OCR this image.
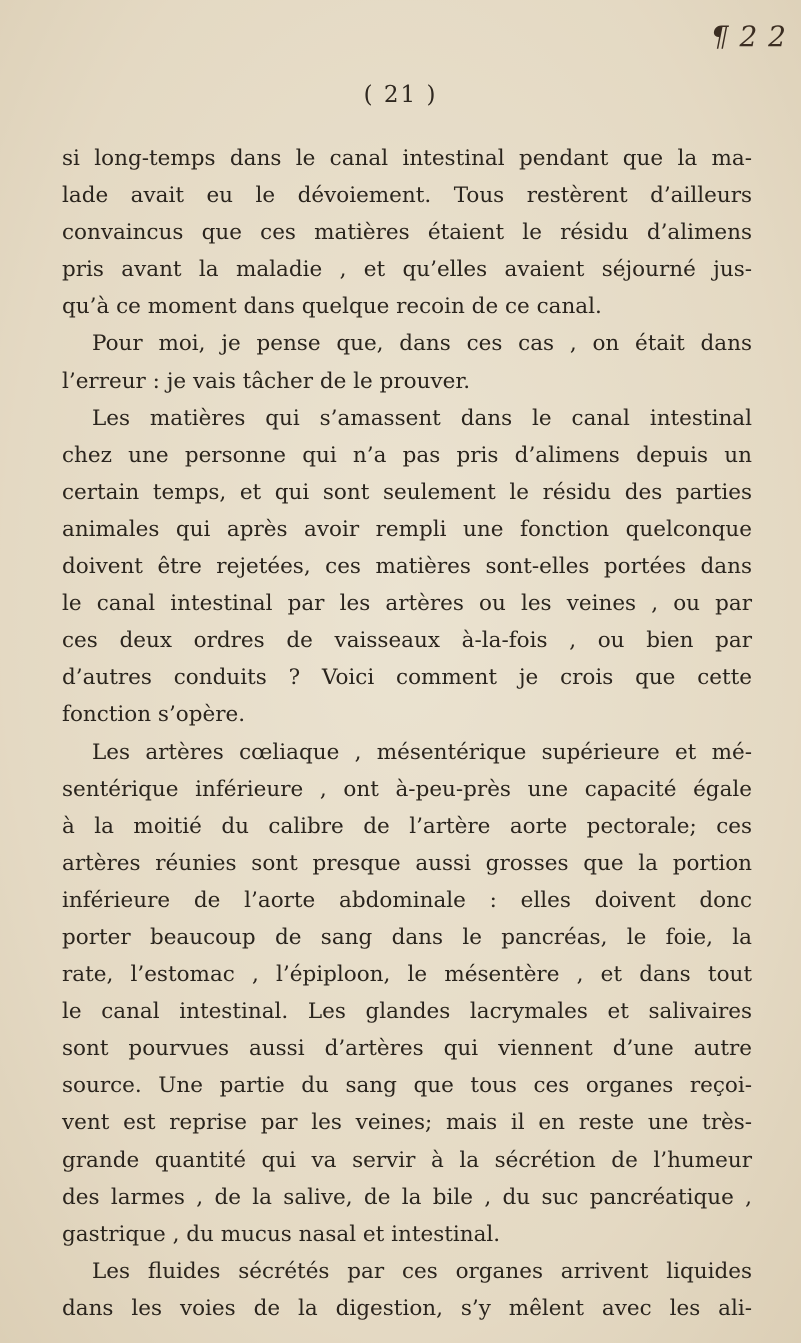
¶ 2 2
( 21 )
si long-temps dans le canal intestinal pendant que la ma-
lade avait eu le dévoiement. Tous restèrent d’ailleurs
convaincus que ces matières étaient le résidu d’alimens
pris avant la maladie , et qu’elles avaient séjourné jus-
qu’à ce moment dans quelque recoin de ce canal.
Pour moi, je pense que, dans ces cas , on était dans
l’erreur : je vais tâcher de le prouver.
Les matières qui s’amassent dans le canal intestinal
chez une personne qui n’a pas pris d’alimens depuis un
certain temps, et qui sont seulement le résidu des parties
animales qui après avoir rempli une fonction quelconque
doivent être rejetées, ces matières sont-elles portées dans
le canal intestinal par les artères ou les veines , ou par
ces deux ordres de vaisseaux à-la-fois , ou bien par
d’autres conduits ? Voici comment je crois que cette
fonction s’opère.
Les artères cœliaque , mésentérique supérieure et mé-
sentérique inférieure , ont à-peu-près une capacité égale
à la moitié du calibre de l’artère aorte pectorale; ces
artères réunies sont presque aussi grosses que la portion
inférieure de l’aorte abdominale : elles doivent donc
porter beaucoup de sang dans le pancréas, le foie, la
rate, l’estomac , l’épiploon, le mésentère , et dans tout
le canal intestinal. Les glandes lacrymales et salivaires
sont pourvues aussi d’artères qui viennent d’une autre
source. Une partie du sang que tous ces organes reçoi-
vent est reprise par les veines; mais il en reste une très-
grande quantité qui va servir à la sécrétion de l’humeur
des larmes , de la salive, de la bile , du suc pancréatique ,
gastrique , du mucus nasal et intestinal.
Les fluides sécrétés par ces organes arrivent liquides
dans les voies de la digestion, s’y mêlent avec les ali-
